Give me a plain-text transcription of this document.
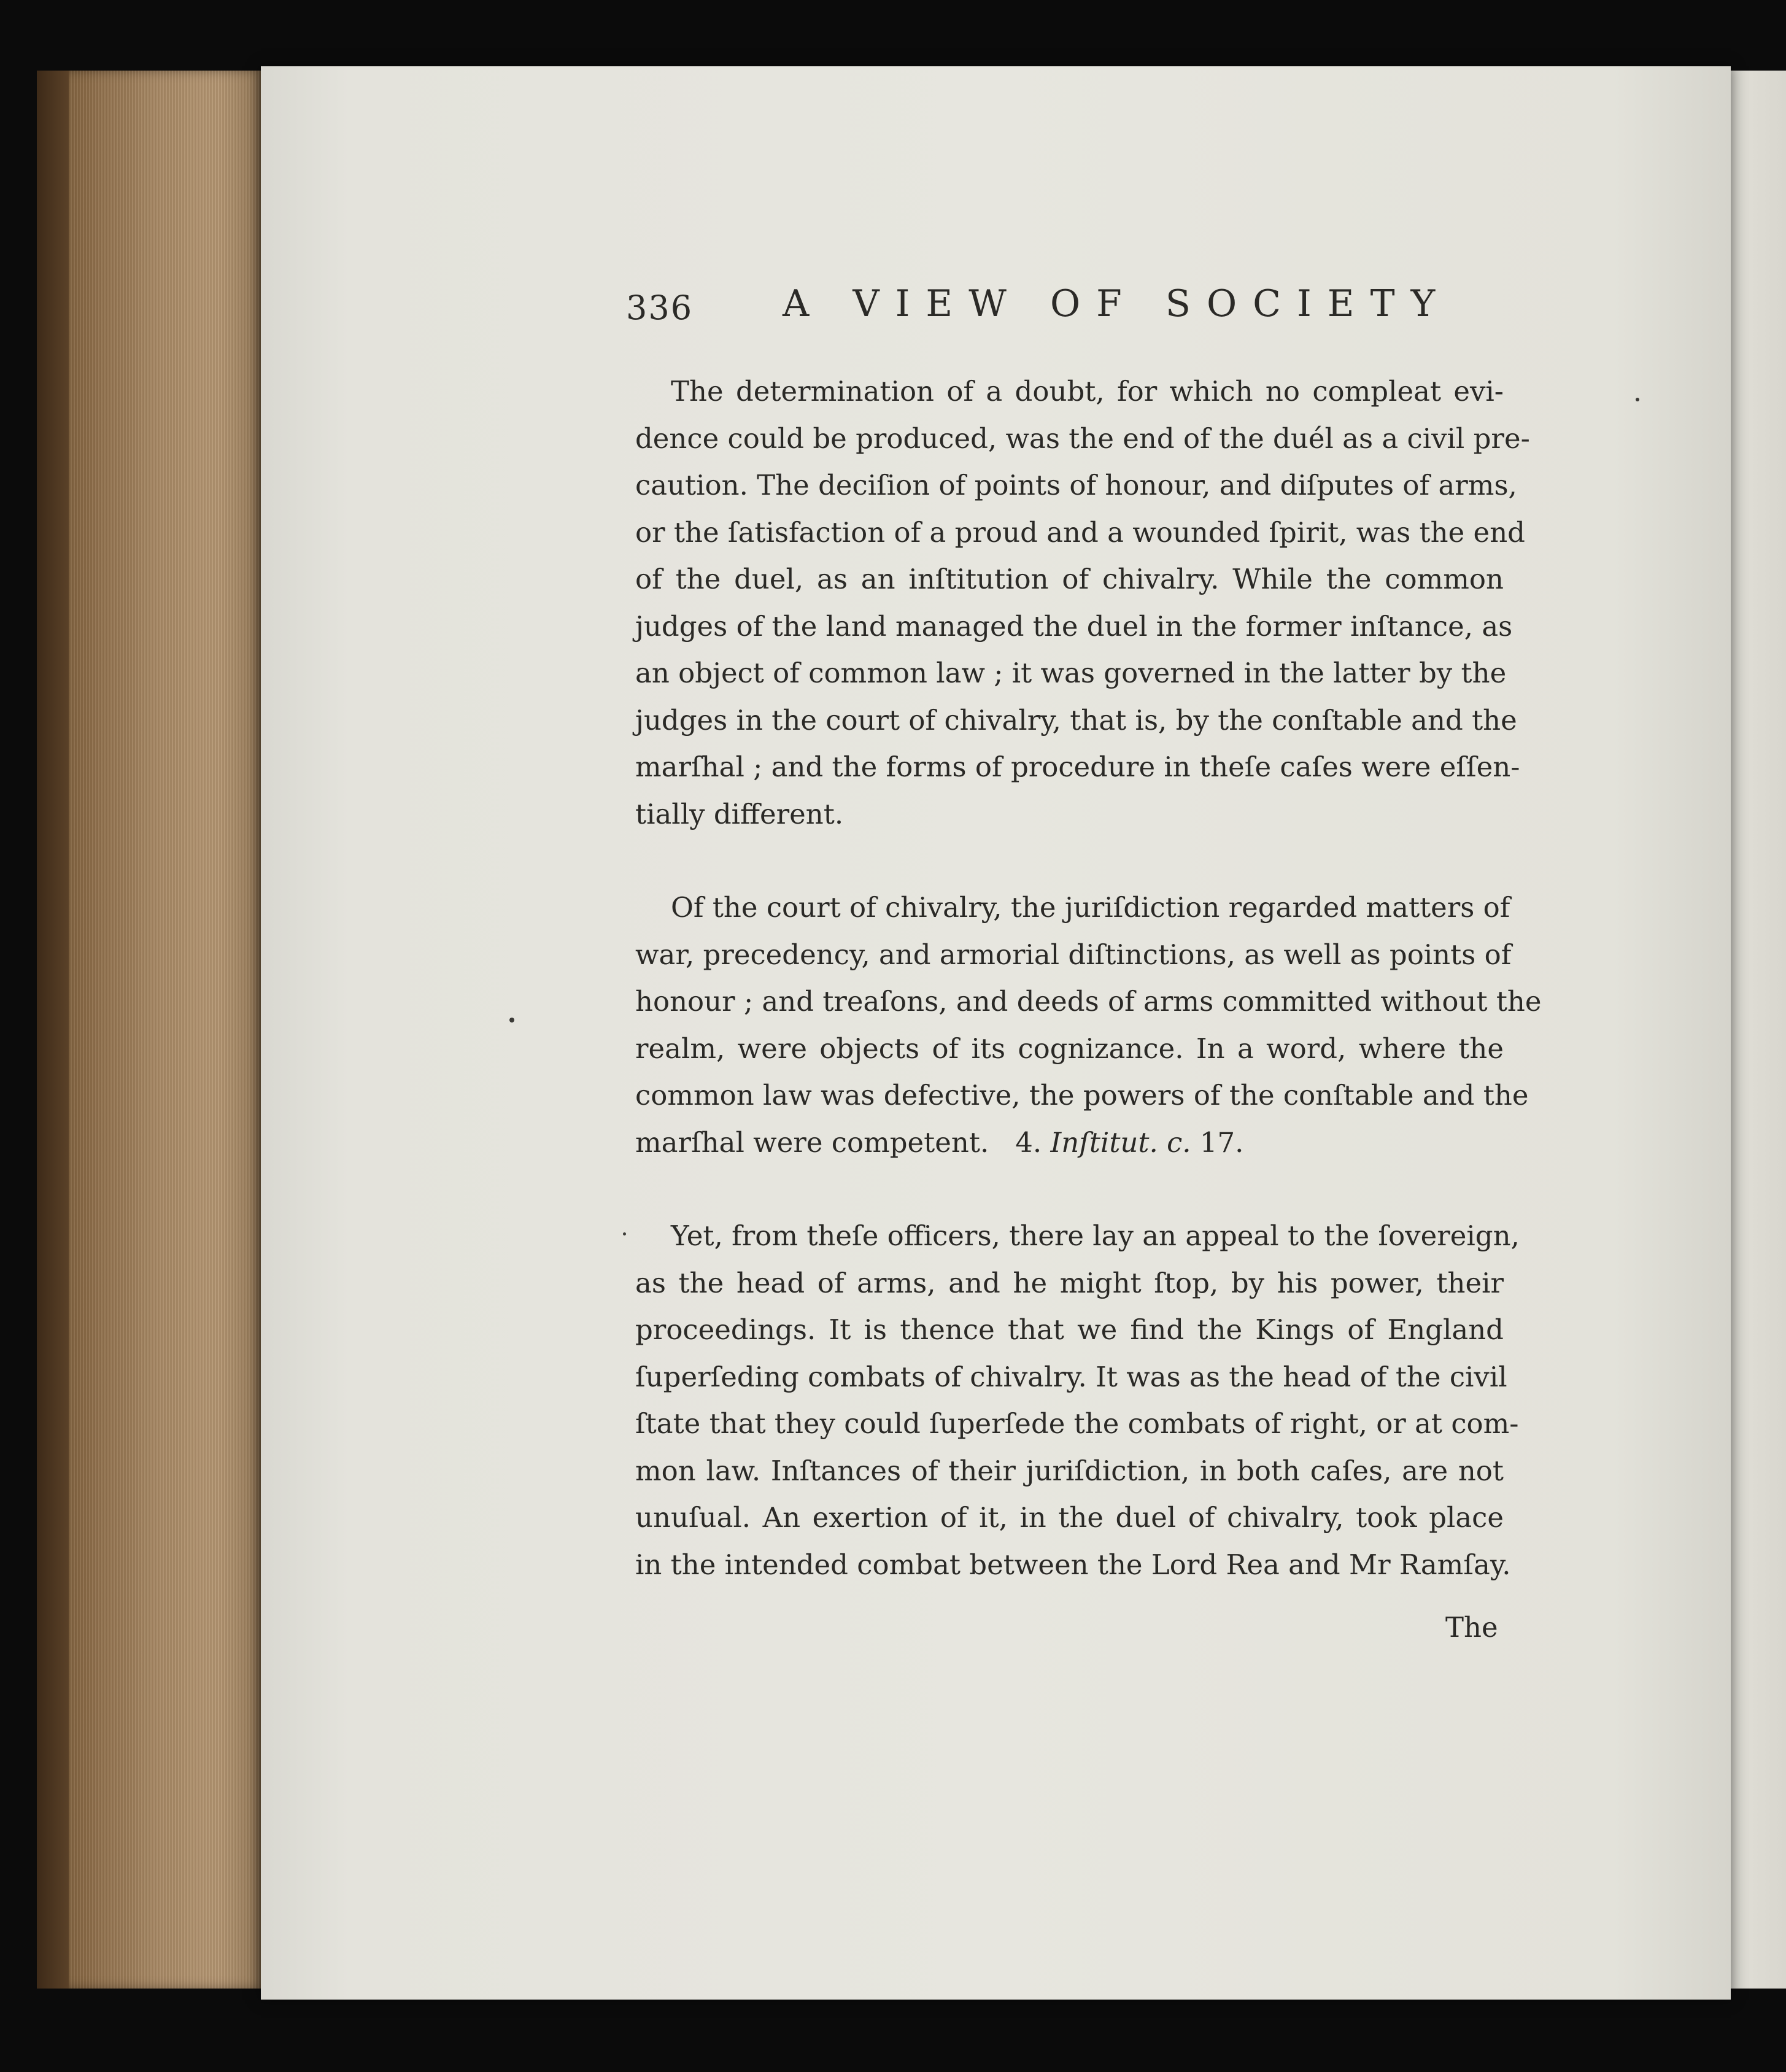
336 A VIEW OF SOCIETY

The determination of a doubt, for which no compleat evi-
dence could be produced, was the end of the duél as a civil pre-
caution. The deciſion of points of honour, and diſputes of arms,
or the ſatisfaction of a proud and a wounded ſpirit, was the end
of the duel, as an inſtitution of chivalry. While the common
judges of the land managed the duel in the former inſtance, as
an object of common law ; it was governed in the latter by the
judges in the court of chivalry, that is, by the conſtable and the
marſhal ; and the forms of procedure in theſe caſes were eſſen-
tially different.

Of the court of chivalry, the juriſdiction regarded matters of
war, precedency, and armorial diſtinctions, as well as points of
honour ; and treaſons, and deeds of arms committed without the
realm, were objects of its cognizance. In a word, where the
common law was defective, the powers of the conſtable and the
marſhal were competent. 4. Inſtitut. c. 17.

Yet, from theſe officers, there lay an appeal to the ſovereign,
as the head of arms, and he might ſtop, by his power, their
proceedings. It is thence that we find the Kings of England
ſuperſeding combats of chivalry. It was as the head of the civil
ſtate that they could ſuperſede the combats of right, or at com-
mon law. Inſtances of their juriſdiction, in both caſes, are not
unuſual. An exertion of it, in the duel of chivalry, took place
in the intended combat between the Lord Rea and Mr Ramſay.

The
